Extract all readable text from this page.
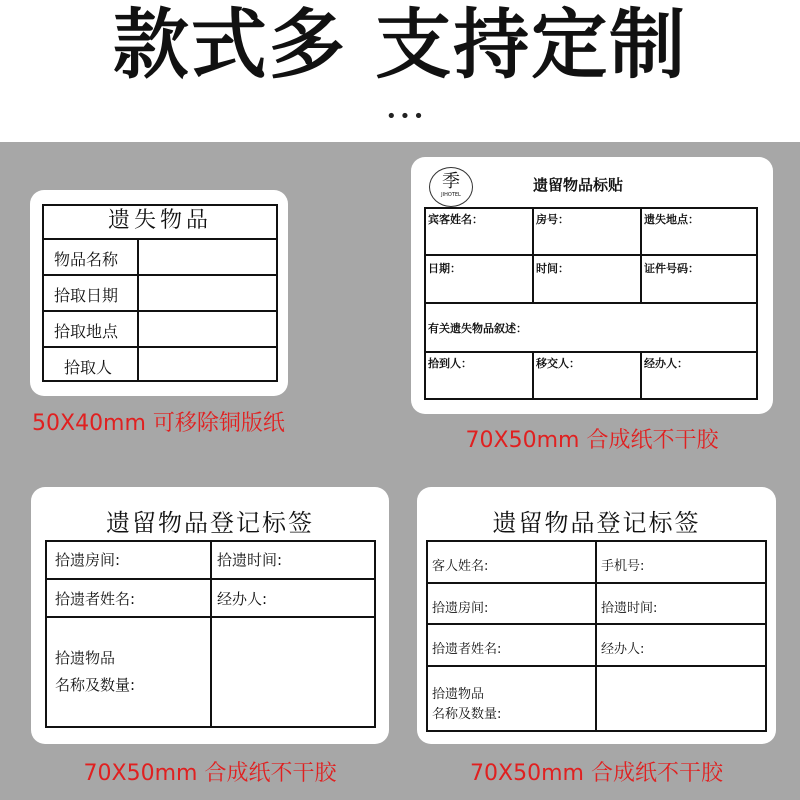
款式多 支持定制
•••
遗失物品
物品名称
拾取日期
拾取地点
拾取人
50X40mm 可移除铜版纸
季
JIHOTEL
遗留物品标贴
宾客姓名：	房号：	遗失地点：
日期：	时间：	证件号码：
有关遗失物品叙述：
拾到人：	移交人：	经办人：
70X50mm 合成纸不干胶
遗留物品登记标签
拾遗房间:	拾遗时间:
拾遗者姓名:	经办人:
拾遗物品
名称及数量:
70X50mm 合成纸不干胶
遗留物品登记标签
客人姓名:	手机号:
拾遗房间:	拾遗时间:
拾遗者姓名:	经办人:
拾遗物品
名称及数量:
70X50mm 合成纸不干胶
